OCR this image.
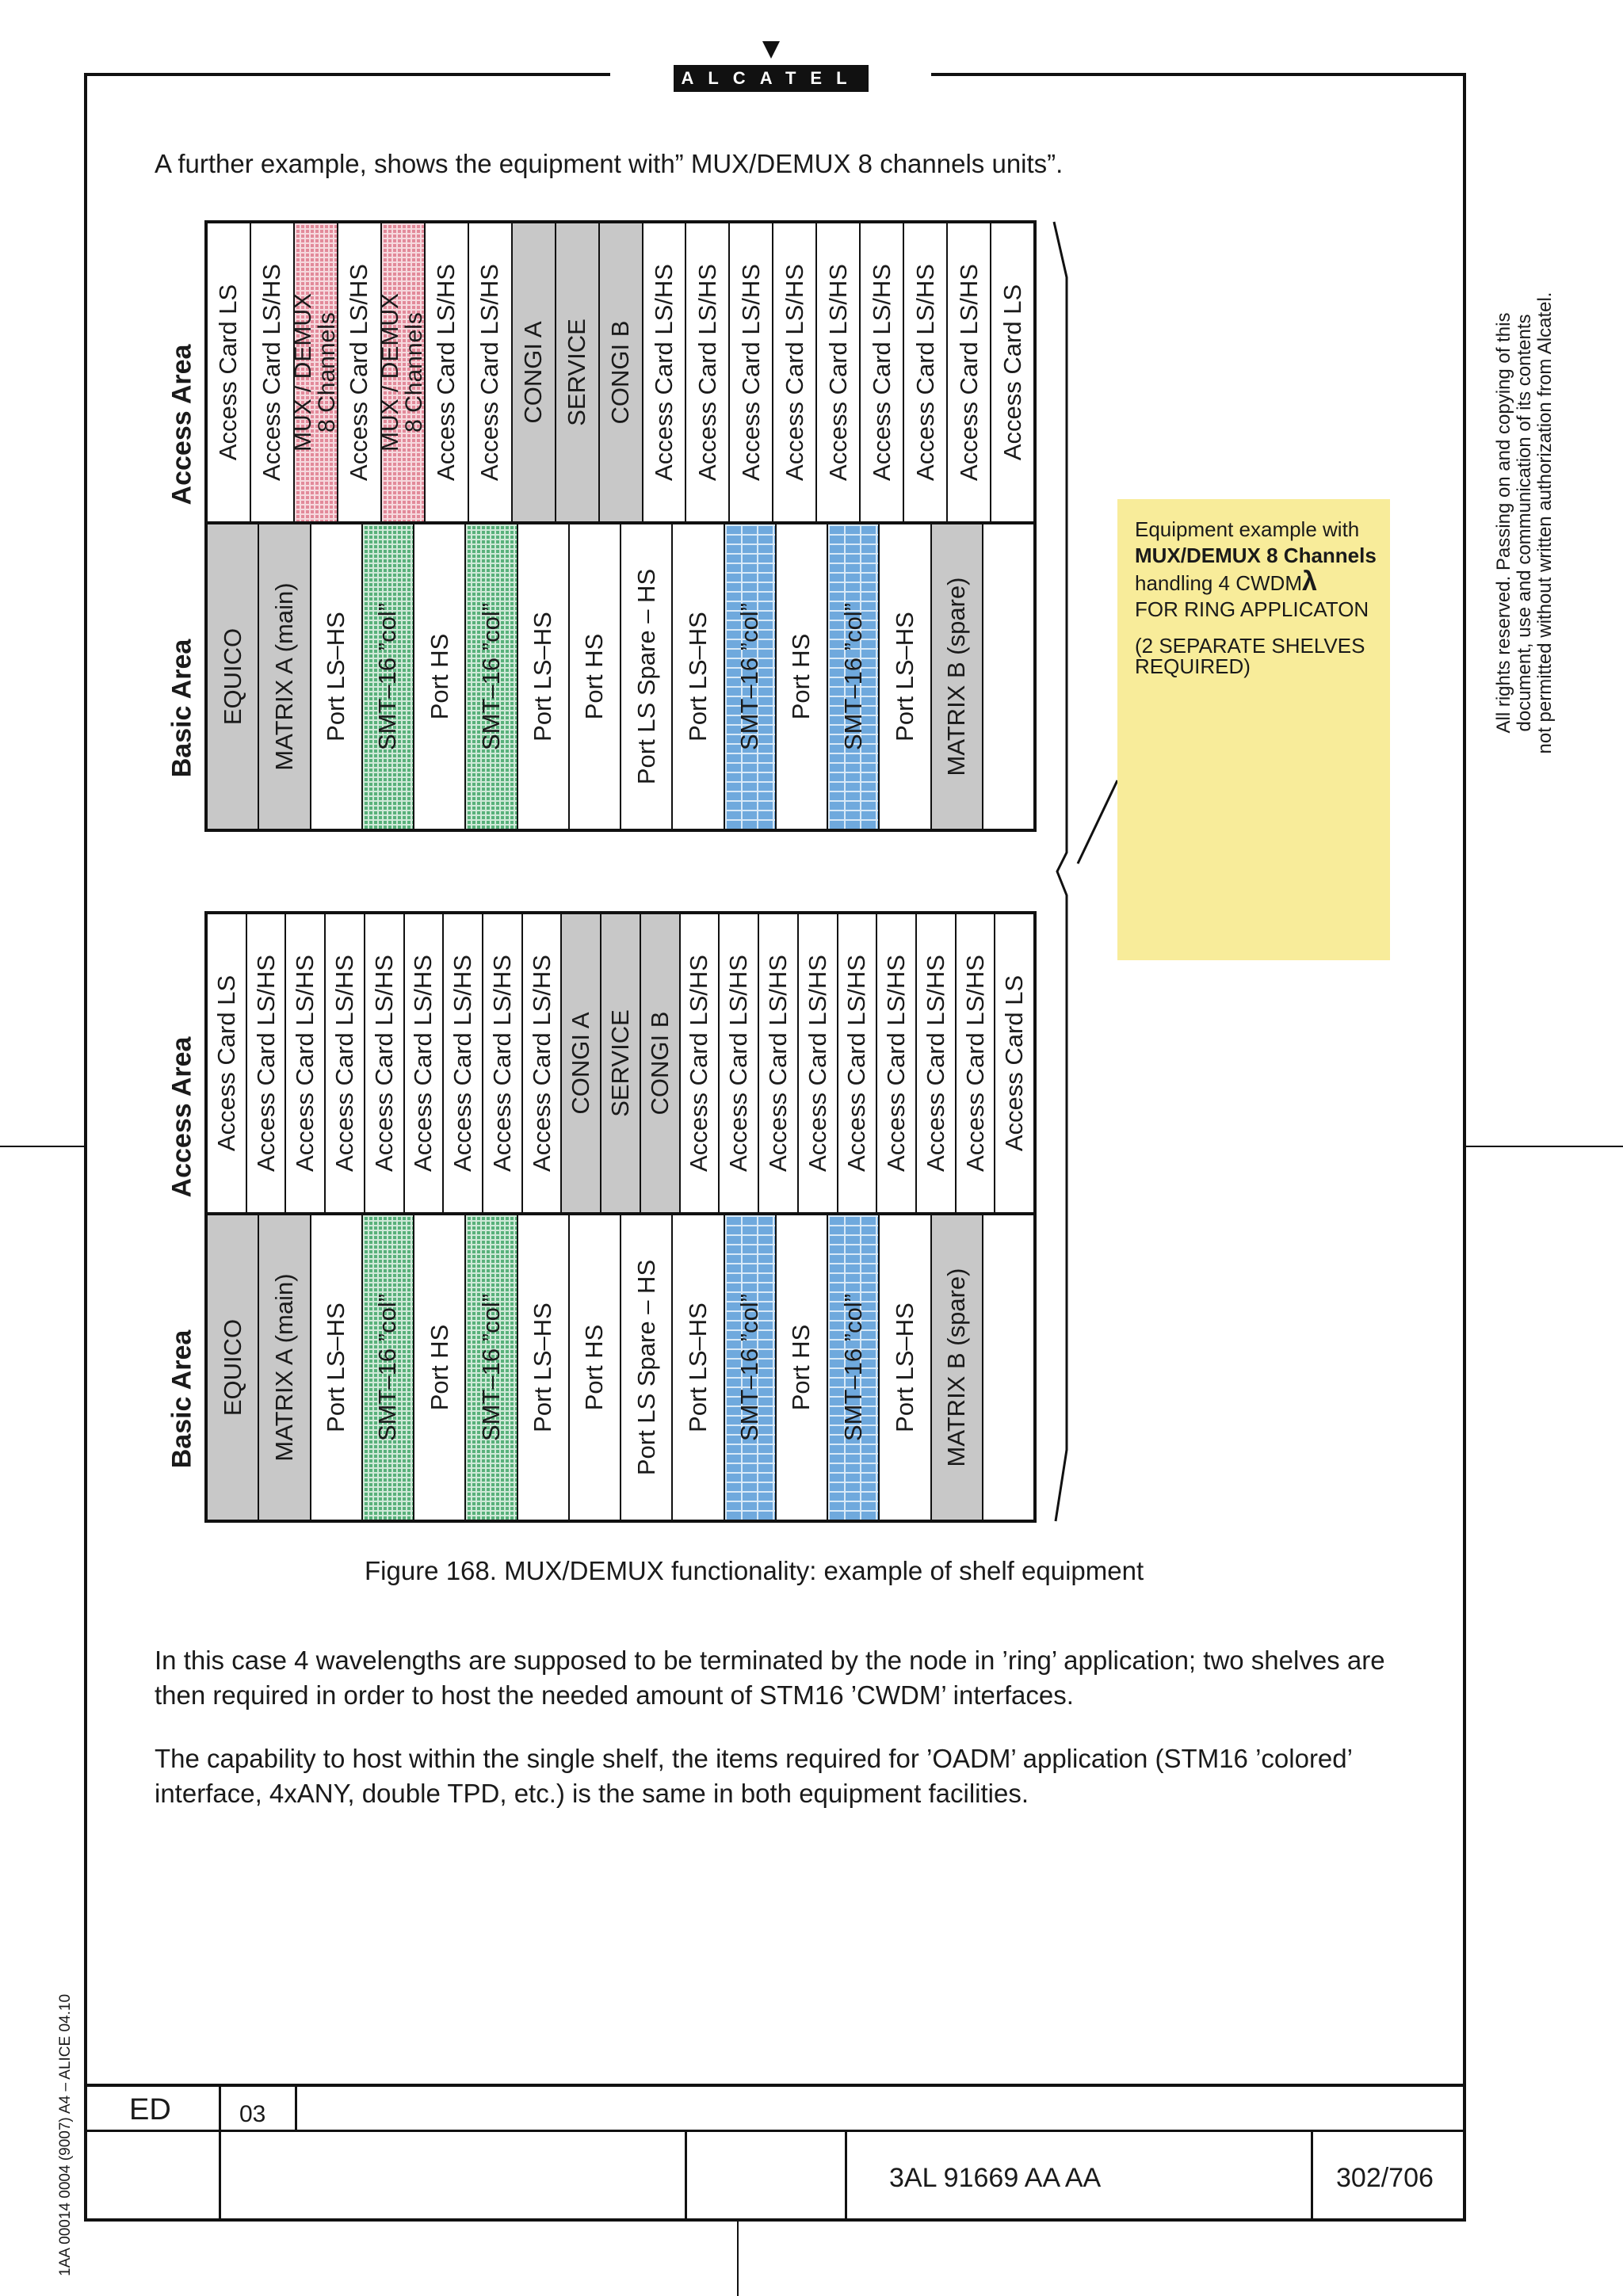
ALCATEL
A further example, shows the equipment with” MUX/DEMUX 8 channels units”.
Access Card LS Access Card LS/HS MUX / DEMUX
8 Channels Access Card LS/HS MUX / DEMUX
8 Channels Access Card LS/HS Access Card LS/HS CONGI A SERVICE CONGI B Access Card LS/HS Access Card LS/HS Access Card LS/HS Access Card LS/HS Access Card LS/HS Access Card LS/HS Access Card LS/HS Access Card LS/HS Access Card LS
EQUICO MATRIX A (main) Port LS–HS SMT–16 ”col” Port HS SMT–16 ”col” Port LS–HS Port HS Port LS Spare – HS Port LS–HS SMT–16 ”col” Port HS SMT–16 ”col” Port LS–HS MATRIX B (spare)
Access Area
Basic Area
Access Card LS Access Card LS/HS Access Card LS/HS Access Card LS/HS Access Card LS/HS Access Card LS/HS Access Card LS/HS Access Card LS/HS Access Card LS/HS CONGI A SERVICE CONGI B Access Card LS/HS Access Card LS/HS Access Card LS/HS Access Card LS/HS Access Card LS/HS Access Card LS/HS Access Card LS/HS Access Card LS/HS Access Card LS
EQUICO MATRIX A (main) Port LS–HS SMT–16 ”col” Port HS SMT–16 ”col” Port LS–HS Port HS Port LS Spare – HS Port LS–HS SMT–16 ”col” Port HS SMT–16 ”col” Port LS–HS MATRIX B (spare)
Access Area
Basic Area
Equipment example with
MUX/DEMUX 8 Channels
handling 4 CWDMλ
FOR RING APPLICATON
(2 SEPARATE SHELVES
REQUIRED)
Figure 168. MUX/DEMUX functionality: example of shelf equipment
In this case 4 wavelengths are supposed to be terminated by the node in ’ring’ application; two shelves are then required in order to host the needed amount of STM16 ’CWDM’ interfaces.
The capability to host within the single shelf, the items required for ’OADM’ application (STM16 ’colored’ interface, 4xANY, double TPD, etc.) is the same in both equipment facilities.
All rights reserved. Passing on and copying of this document, use and communication of its contents not permitted without written authorization from Alcatel.
1AA 00014 0004 (9007) A4 – ALICE 04.10 ED	03
3AL 91669 AA AA	302/706
